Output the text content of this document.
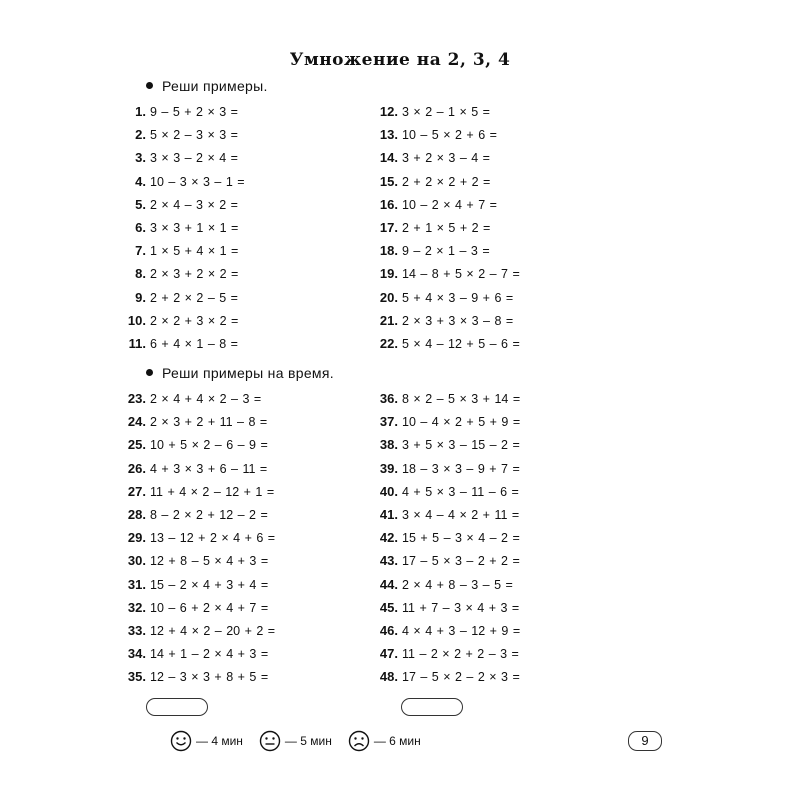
Умножение на 2, 3, 4
Реши примеры.
1. 9 – 5 + 2 × 3 =
2. 5 × 2 – 3 × 3 =
3. 3 × 3 – 2 × 4 =
4. 10 – 3 × 3 – 1 =
5. 2 × 4 – 3 × 2 =
6. 3 × 3 + 1 × 1 =
7. 1 × 5 + 4 × 1 =
8. 2 × 3 + 2 × 2 =
9. 2 + 2 × 2 – 5 =
10. 2 × 2 + 3 × 2 =
11. 6 + 4 × 1 – 8 =
12. 3 × 2 – 1 × 5 =
13. 10 – 5 × 2 + 6 =
14. 3 + 2 × 3 – 4 =
15. 2 + 2 × 2 + 2 =
16. 10 – 2 × 4 + 7 =
17. 2 + 1 × 5 + 2 =
18. 9 – 2 × 1 – 3 =
19. 14 – 8 + 5 × 2 – 7 =
20. 5 + 4 × 3 – 9 + 6 =
21. 2 × 3 + 3 × 3 – 8 =
22. 5 × 4 – 12 + 5 – 6 =
Реши примеры на время.
23. 2 × 4 + 4 × 2 – 3 =
24. 2 × 3 + 2 + 11 – 8 =
25. 10 + 5 × 2 – 6 – 9 =
26. 4 + 3 × 3 + 6 – 11 =
27. 11 + 4 × 2 – 12 + 1 =
28. 8 – 2 × 2 + 12 – 2 =
29. 13 – 12 + 2 × 4 + 6 =
30. 12 + 8 – 5 × 4 + 3 =
31. 15 – 2 × 4 + 3 + 4 =
32. 10 – 6 + 2 × 4 + 7 =
33. 12 + 4 × 2 – 20 + 2 =
34. 14 + 1 – 2 × 4 + 3 =
35. 12 – 3 × 3 + 8 + 5 =
36. 8 × 2 – 5 × 3 + 14 =
37. 10 – 4 × 2 + 5 + 9 =
38. 3 + 5 × 3 – 15 – 2 =
39. 18 – 3 × 3 – 9 + 7 =
40. 4 + 5 × 3 – 11 – 6 =
41. 3 × 4 – 4 × 2 + 11 =
42. 15 + 5 – 3 × 4 – 2 =
43. 17 – 5 × 3 – 2 + 2 =
44. 2 × 4 + 8 – 3 – 5 =
45. 11 + 7 – 3 × 4 + 3 =
46. 4 × 4 + 3 – 12 + 9 =
47. 11 – 2 × 2 + 2 – 3 =
48. 17 – 5 × 2 – 2 × 3 =
— 4 мин	— 5 мин	— 6 мин	9
